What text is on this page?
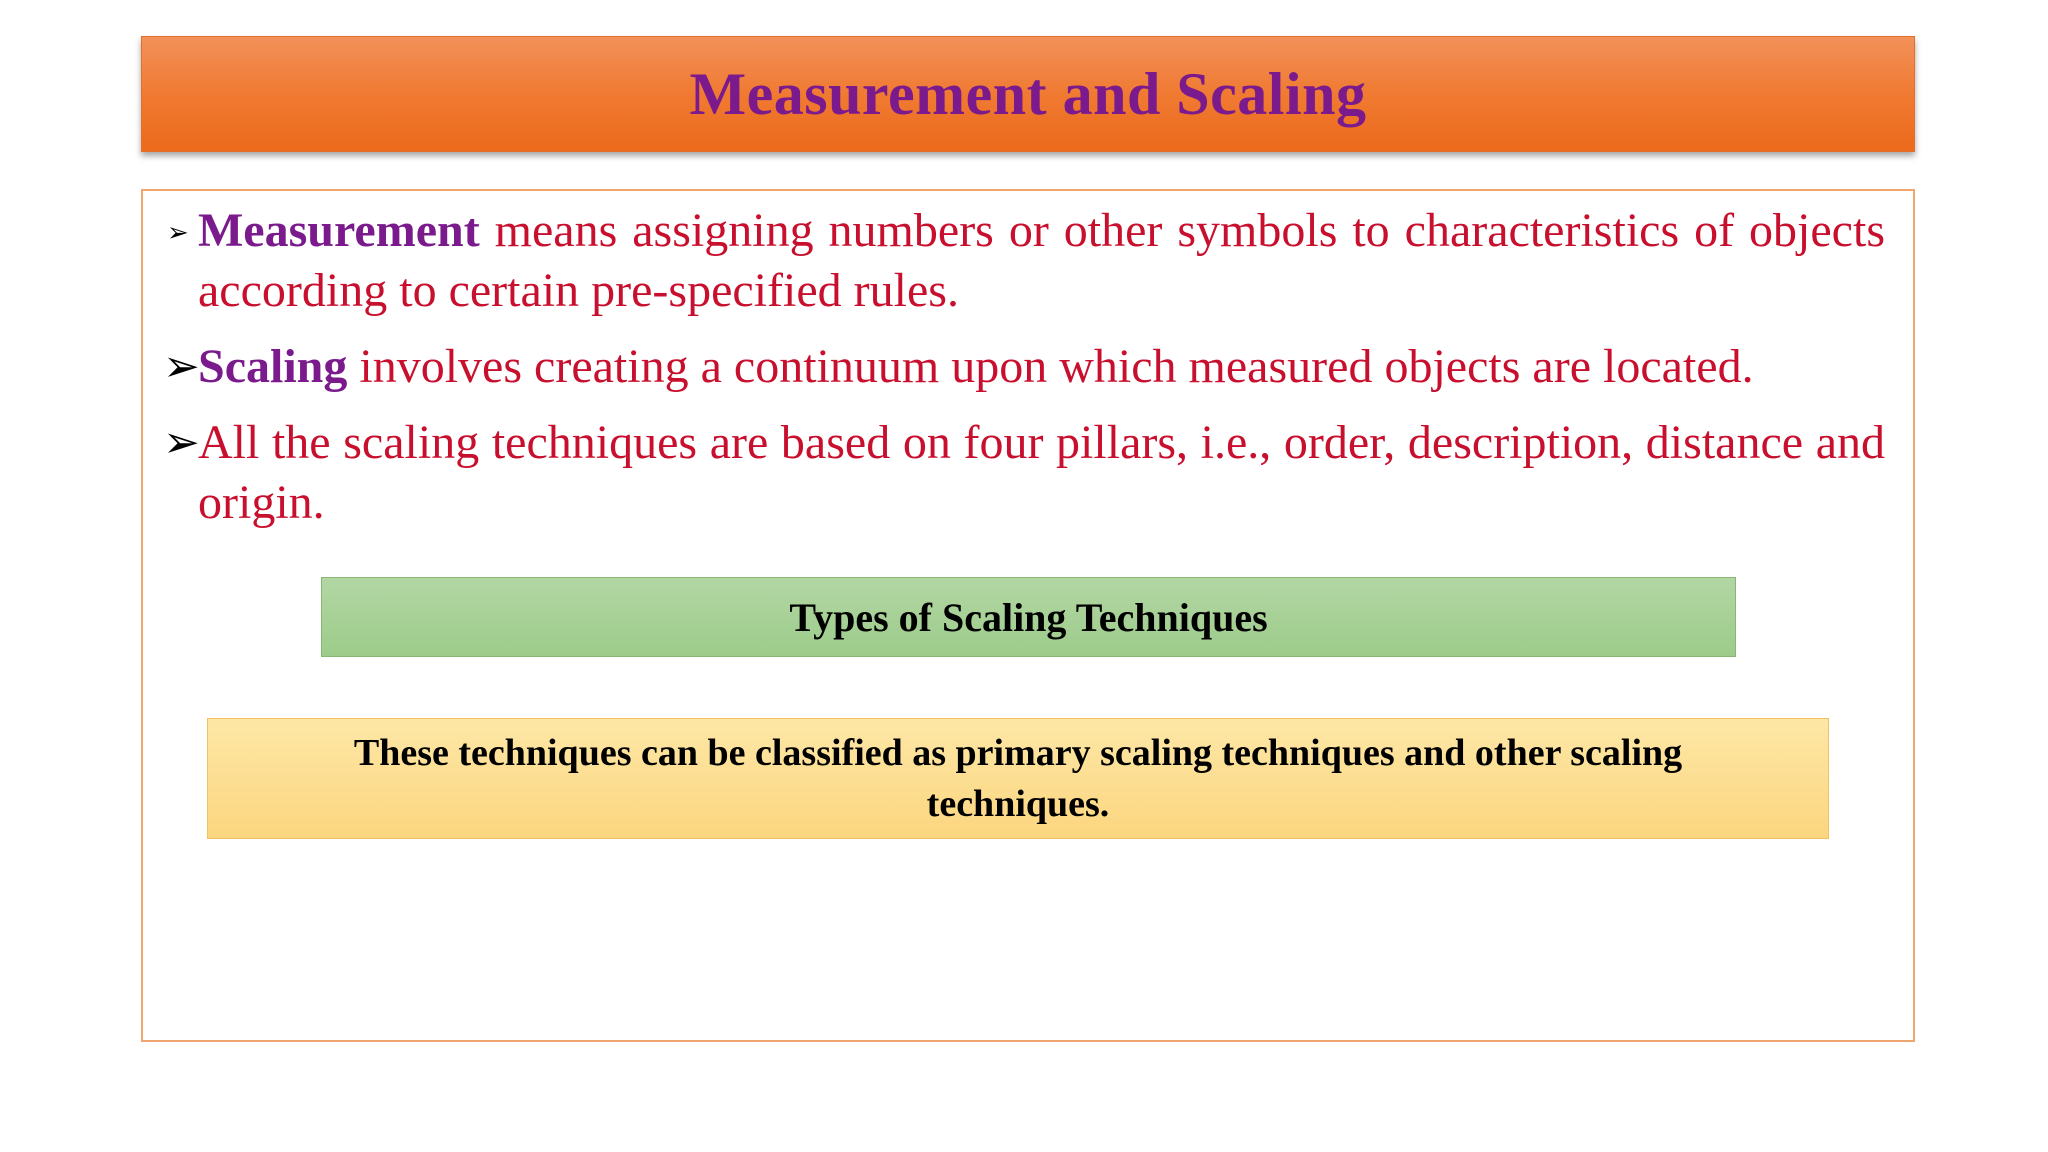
Measurement and Scaling
➢ Measurement means assigning numbers or other symbols to characteristics of objects according to certain pre-specified rules.
➢
Scaling involves creating a continuum upon which measured objects are located.
➢
All the scaling techniques are based on four pillars, i.e., order, description, distance and origin.
Types of Scaling Techniques
These techniques can be classified as primary scaling techniques and other scaling techniques.
